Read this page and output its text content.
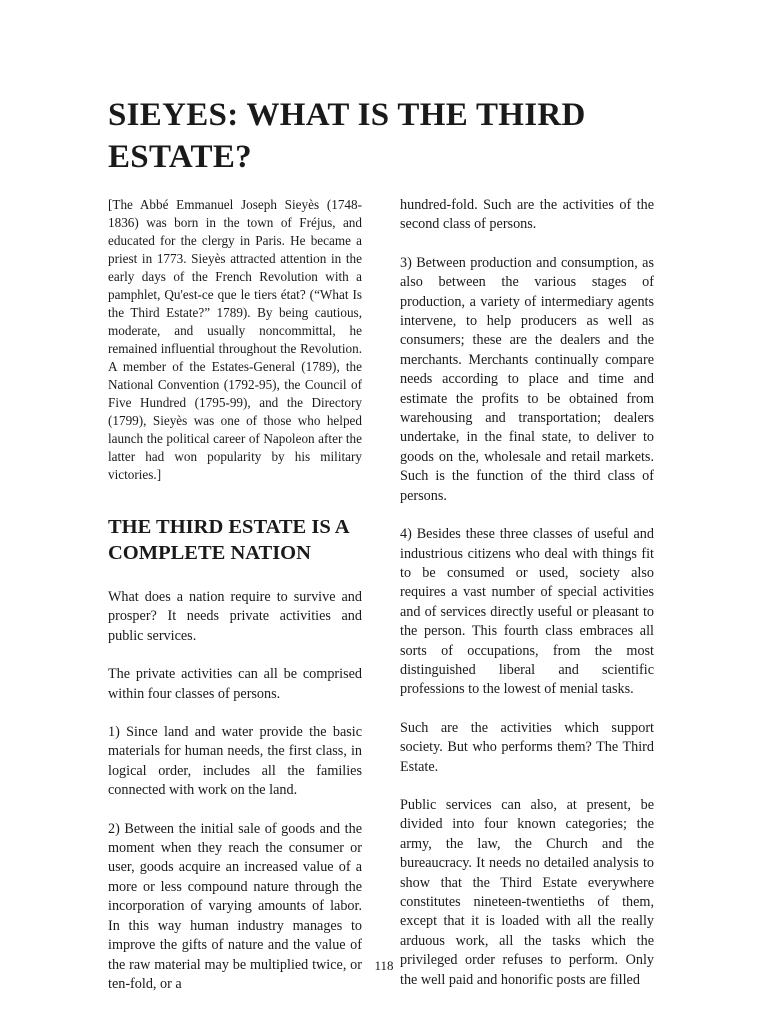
SIEYES: WHAT IS THE THIRD ESTATE?

[The Abbé Emmanuel Joseph Sieyès (1748-1836) was born in the town of Fréjus, and educated for the clergy in Paris. He became a priest in 1773. Sieyès attracted attention in the early days of the French Revolution with a pamphlet, Qu'est-ce que le tiers état? (“What Is the Third Estate?” 1789). By being cautious, moderate, and usually noncommittal, he remained influential throughout the Revolution. A member of the Estates-General (1789), the National Convention (1792-95), the Council of Five Hundred (1795-99), and the Directory (1799), Sieyès was one of those who helped launch the political career of Napoleon after the latter had won popularity by his military victories.]

THE THIRD ESTATE IS A COMPLETE NATION

What does a nation require to survive and prosper? It needs private activities and public services.

The private activities can all be comprised within four classes of persons.

1) Since land and water provide the basic materials for human needs, the first class, in logical order, includes all the families connected with work on the land.

2) Between the initial sale of goods and the moment when they reach the consumer or user, goods acquire an increased value of a more or less compound nature through the incorporation of varying amounts of labor. In this way human industry manages to improve the gifts of nature and the value of the raw material may be multiplied twice, or ten-fold, or a

hundred-fold. Such are the activities of the second class of persons.

3) Between production and consumption, as also between the various stages of production, a variety of intermediary agents intervene, to help producers as well as consumers; these are the dealers and the merchants. Merchants continually compare needs according to place and time and estimate the profits to be obtained from warehousing and transportation; dealers undertake, in the final state, to deliver to goods on the, wholesale and retail markets. Such is the function of the third class of persons.

4) Besides these three classes of useful and industrious citizens who deal with things fit to be consumed or used, society also requires a vast number of special activities and of services directly useful or pleasant to the person. This fourth class embraces all sorts of occupations, from the most distinguished liberal and scientific professions to the lowest of menial tasks.

Such are the activities which support society. But who performs them? The Third Estate.

Public services can also, at present, be divided into four known categories; the army, the law, the Church and the bureaucracy. It needs no detailed analysis to show that the Third Estate everywhere constitutes nineteen-twentieths of them, except that it is loaded with all the really arduous work, all the tasks which the privileged order refuses to perform. Only the well paid and honorific posts are filled

118
